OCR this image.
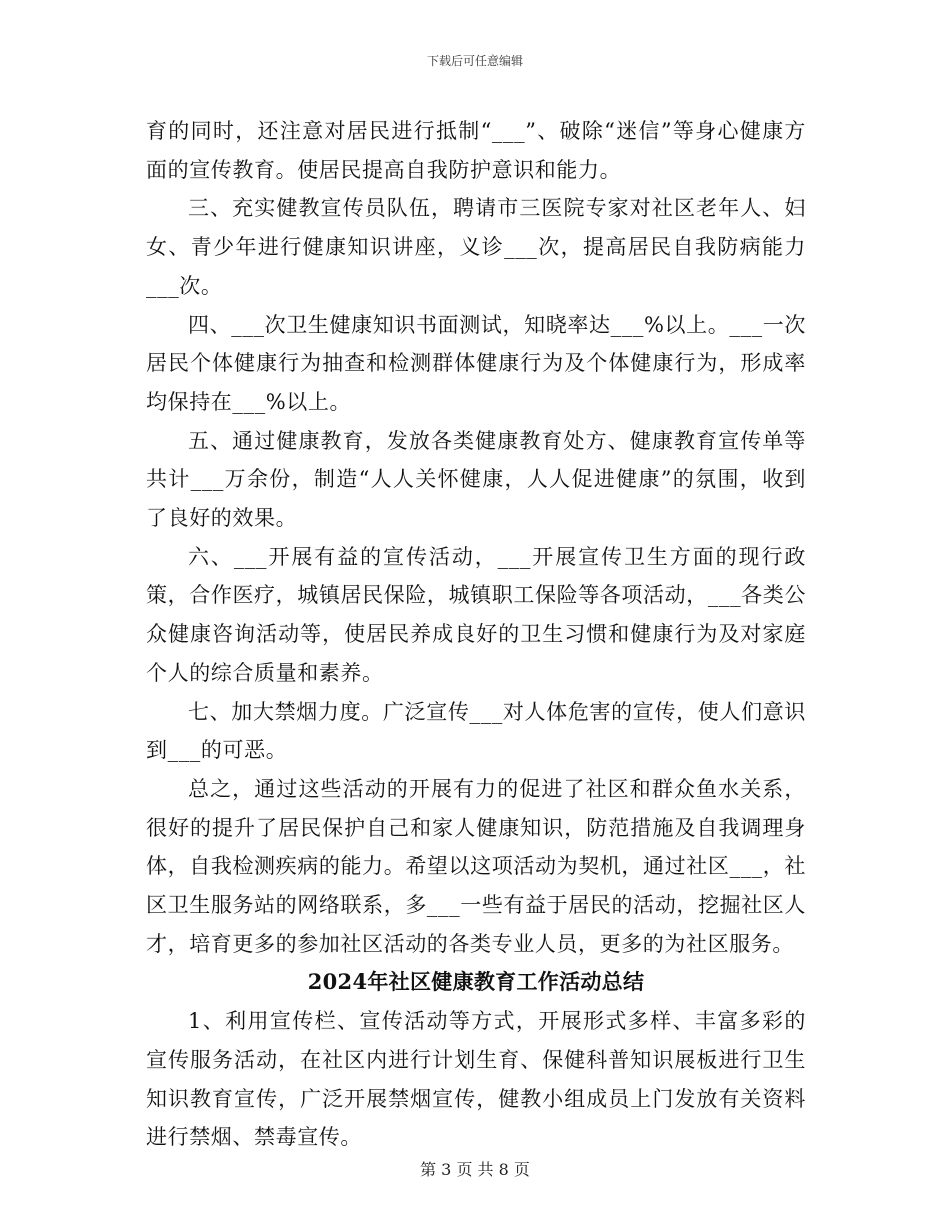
下载后可任意编辑

育的同时，还注意对居民进行抵制“___”、破除“迷信”等身心健康方面的宣传教育。使居民提高自我防护意识和能力。

三、充实健教宣传员队伍，聘请市三医院专家对社区老年人、妇女、青少年进行健康知识讲座，义诊___次，提高居民自我防病能力___次。

四、___次卫生健康知识书面测试，知晓率达___%以上。___一次居民个体健康行为抽查和检测群体健康行为及个体健康行为，形成率均保持在___%以上。

五、通过健康教育，发放各类健康教育处方、健康教育宣传单等共计___万余份，制造“人人关怀健康，人人促进健康”的氛围，收到了良好的效果。

六、___开展有益的宣传活动，___开展宣传卫生方面的现行政策，合作医疗，城镇居民保险，城镇职工保险等各项活动，___各类公众健康咨询活动等，使居民养成良好的卫生习惯和健康行为及对家庭个人的综合质量和素养。

七、加大禁烟力度。广泛宣传___对人体危害的宣传，使人们意识到___的可恶。

总之，通过这些活动的开展有力的促进了社区和群众鱼水关系，很好的提升了居民保护自己和家人健康知识，防范措施及自我调理身体，自我检测疾病的能力。希望以这项活动为契机，通过社区___，社区卫生服务站的网络联系，多___一些有益于居民的活动，挖掘社区人才，培育更多的参加社区活动的各类专业人员，更多的为社区服务。

2024年社区健康教育工作活动总结

1、利用宣传栏、宣传活动等方式，开展形式多样、丰富多彩的宣传服务活动，在社区内进行计划生育、保健科普知识展板进行卫生知识教育宣传，广泛开展禁烟宣传，健教小组成员上门发放有关资料进行禁烟、禁毒宣传。

第 3 页 共 8 页
